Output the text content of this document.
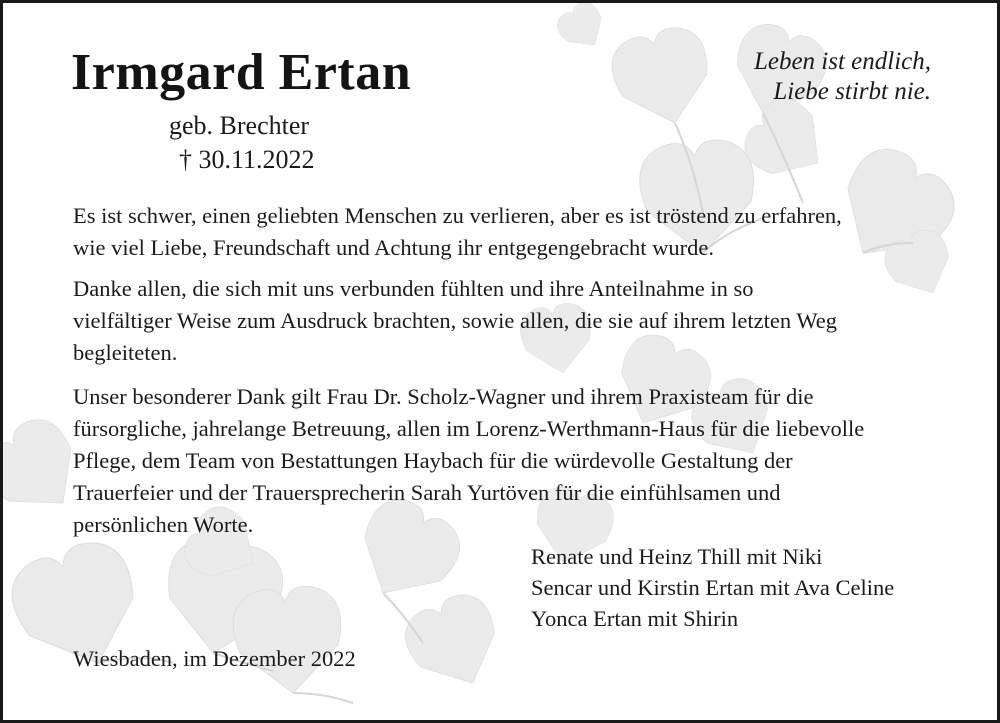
Irmgard Ertan
geb. Brechter
† 30.11.2022
Leben ist endlich,
Liebe stirbt nie.

Es ist schwer, einen geliebten Menschen zu verlieren, aber es ist tröstend zu erfahren,
wie viel Liebe, Freundschaft und Achtung ihr entgegengebracht wurde.

Danke allen, die sich mit uns verbunden fühlten und ihre Anteilnahme in so
vielfältiger Weise zum Ausdruck brachten, sowie allen, die sie auf ihrem letzten Weg
begleiteten.

Unser besonderer Dank gilt Frau Dr. Scholz-Wagner und ihrem Praxisteam für die
fürsorgliche, jahrelange Betreuung, allen im Lorenz-Werthmann-Haus für die liebevolle
Pflege, dem Team von Bestattungen Haybach für die würdevolle Gestaltung der
Trauerfeier und der Trauersprecherin Sarah Yurtöven für die einfühlsamen und
persönlichen Worte.

Renate und Heinz Thill mit Niki
Sencar und Kirstin Ertan mit Ava Celine
Yonca Ertan mit Shirin
Wiesbaden, im Dezember 2022
